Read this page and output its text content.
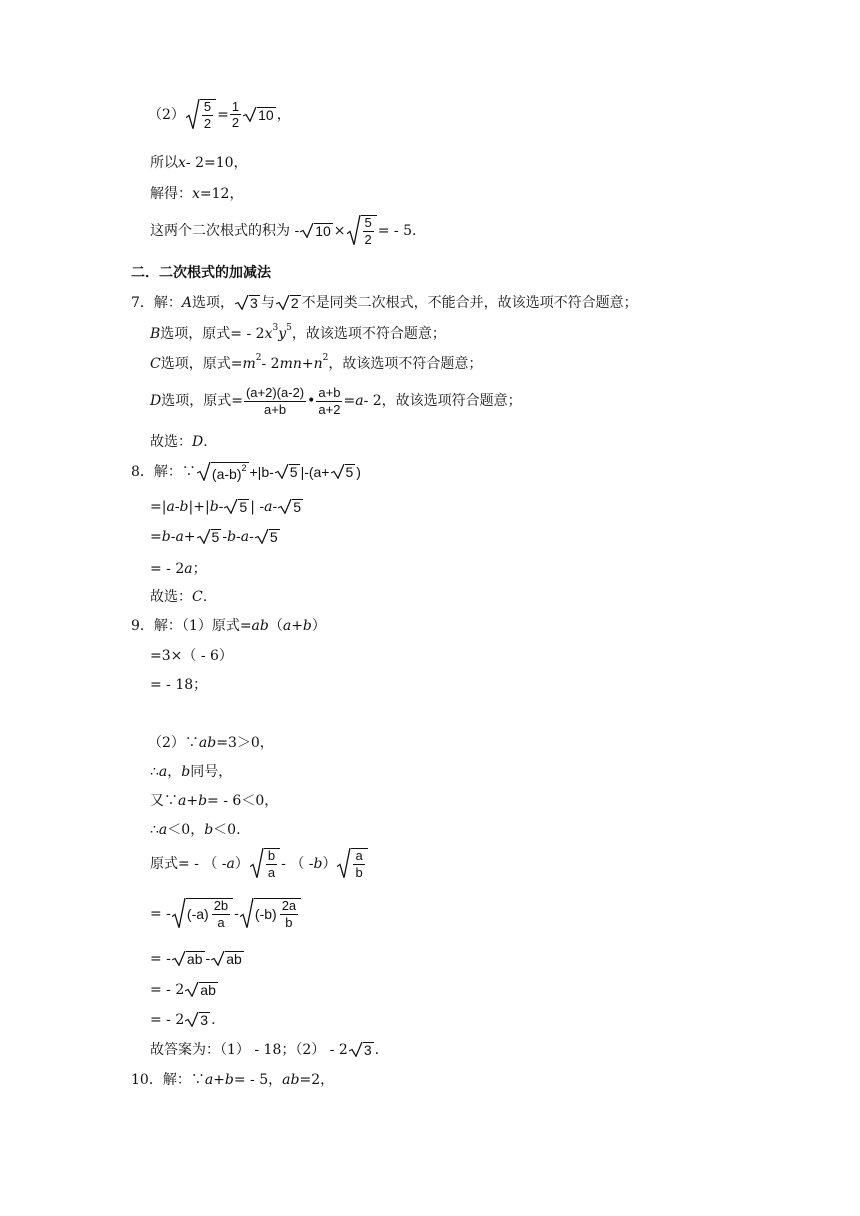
$(2) \frac{5}{2} = \frac{1}{2} 10$ ，
所以 x - 2=10，
解得： x =12，
这两个二次根式的积为 - $10 \times \frac{5}{2}$ = - 5.
二．二次根式的加减法
7．解： A 选项， 3 与 2 不是同类二次根式，不能合并，故该选项不符合题意；
B 选项，原式= - 2 x 3 y 5 ，故该选项不符合题意；
C 选项，原式= m 2 - 2 mn + n 2 ，故该选项不符合题意；
D 选项，原式= $\frac{(a+2)(a-2)}{a+b}$ • $\frac{a+b}{a+2} = a - 2$，故该选项符合题意；
故选： D .
8．解：∵ (a-b) 2 +|b- 5 |-(a+ 5 )
=| a - b |+| b - 5 | - a - 5
= b - a + 5 - b - a - 5
= - 2 a ；
故选： C .
9．解：（1）原式= ab （ a+b ）
=3×（ - 6）
= - 18；
（2）∵ ab =3＞0，
∴ a ， b 同号，
又∵ a+b = - 6＜0，
∴ a ＜0， b ＜0.
原式= - （ - a ） $\frac{b}{a}$ - （ - b ） $\frac{a}{b}$
= - $(-a) \frac{2b}{a} - (-b) \frac{2a}{b}$
= - ab - ab
= - 2 ab
= - 2 3 .
故答案为：（1） - 18；（2） - 2 3 .
10．解：∵ a+b = - 5， ab =2，
